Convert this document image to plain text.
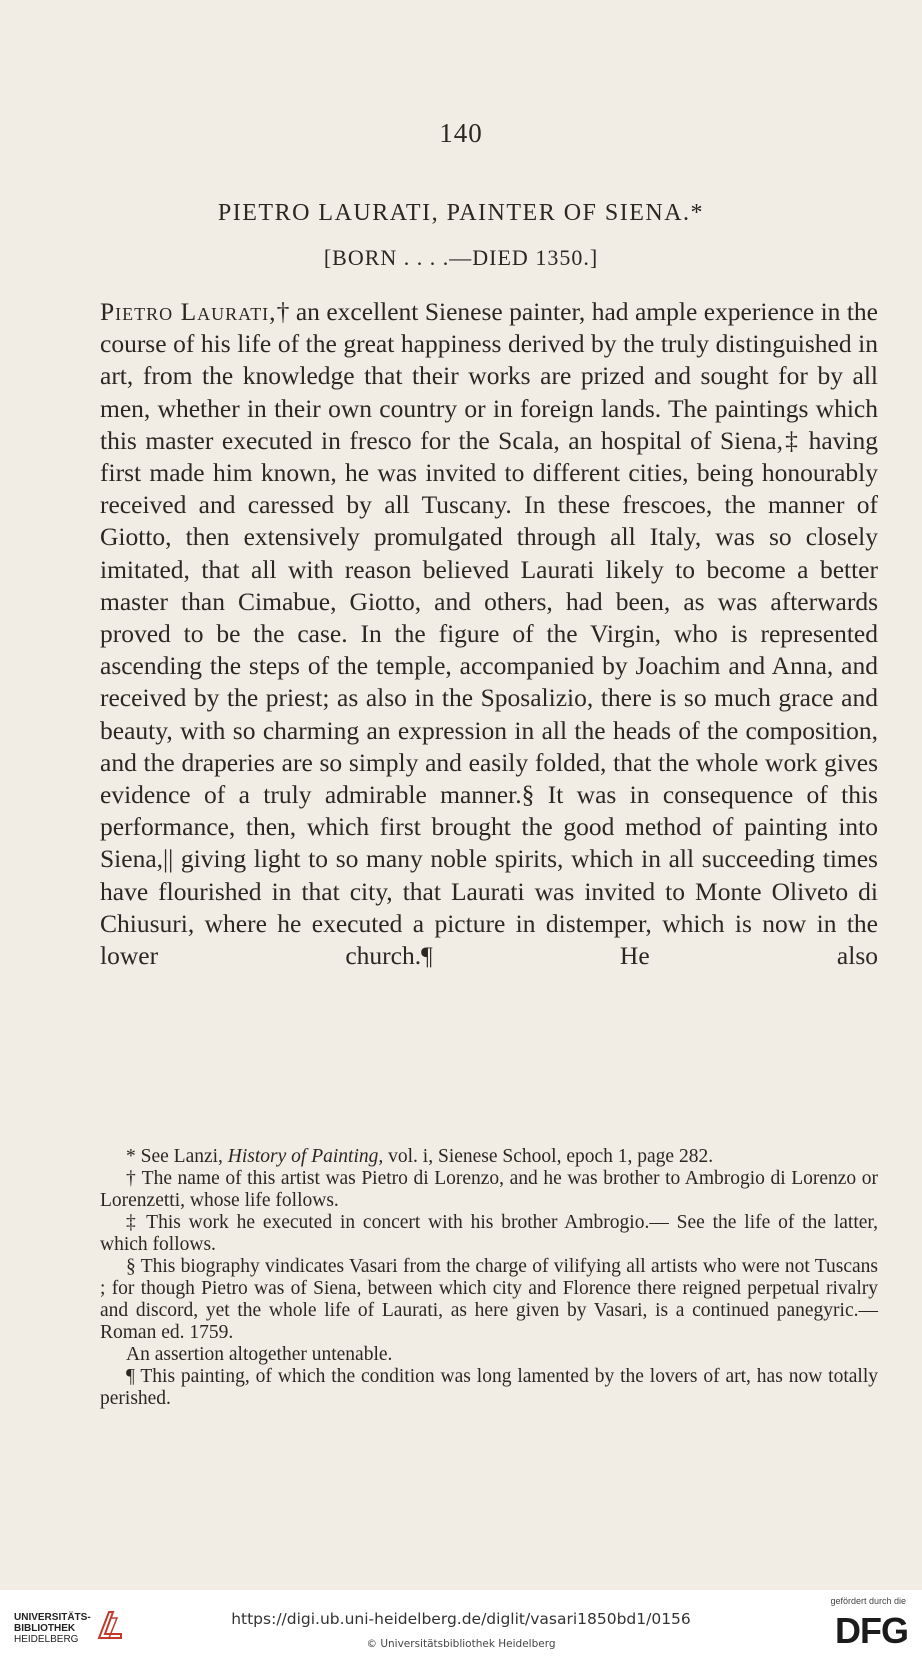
140
PIETRO LAURATI, PAINTER OF SIENA.*
[BORN . . . .—DIED 1350.]

Pietro Laurati,† an excellent Sienese painter, had ample experience in the course of his life of the great happiness derived by the truly distinguished in art, from the knowledge that their works are prized and sought for by all men, whether in their own country or in foreign lands. The paintings which this master executed in fresco for the Scala, an hospital of Siena,‡ having first made him known, he was invited to different cities, being honourably received and caressed by all Tuscany. In these frescoes, the manner of Giotto, then extensively promulgated through all Italy, was so closely imitated, that all with reason believed Laurati likely to become a better master than Cimabue, Giotto, and others, had been, as was afterwards proved to be the case. In the figure of the Virgin, who is represented ascending the steps of the temple, accompanied by Joachim and Anna, and received by the priest; as also in the Sposalizio, there is so much grace and beauty, with so charming an expression in all the heads of the composition, and the draperies are so simply and easily folded, that the whole work gives evidence of a truly admirable manner.§ It was in consequence of this performance, then, which first brought the good method of painting into Siena,|| giving light to so many noble spirits, which in all succeeding times have flourished in that city, that Laurati was invited to Monte Oliveto di Chiusuri, where he executed a picture in distemper, which is now in the lower church.¶ He also

* See Lanzi, History of Painting, vol. i, Sienese School, epoch 1, page 282.

† The name of this artist was Pietro di Lorenzo, and he was brother to Ambrogio di Lorenzo or Lorenzetti, whose life follows.

‡ This work he executed in concert with his brother Ambrogio.— See the life of the latter, which follows.

§ This biography vindicates Vasari from the charge of vilifying all artists who were not Tuscans ; for though Pietro was of Siena, between which city and Florence there reigned perpetual rivalry and discord, yet the whole life of Laurati, as here given by Vasari, is a continued panegyric.—Roman ed. 1759.

An assertion altogether untenable.

¶ This painting, of which the condition was long lamented by the lovers of art, has now totally perished.

UNIVERSITÄTS-
BIBLIOTHEK
HEIDELBERG
https://digi.ub.uni-heidelberg.de/diglit/vasari1850bd1/0156
© Universitätsbibliothek Heidelberg
gefördert durch die
DFG
